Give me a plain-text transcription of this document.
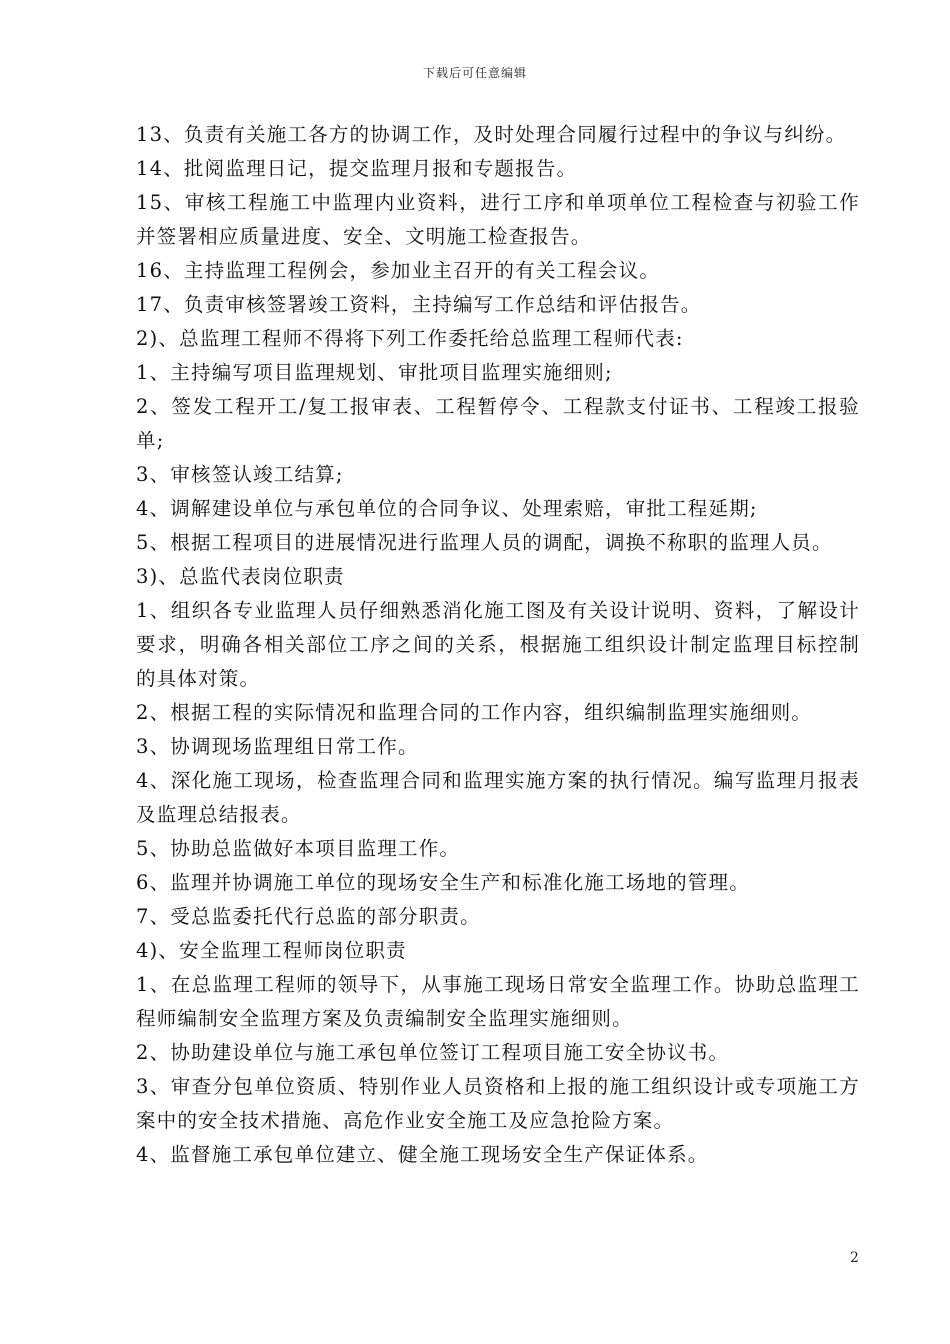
下载后可任意编辑

13、负责有关施工各方的协调工作，及时处理合同履行过程中的争议与纠纷。

14、批阅监理日记，提交监理月报和专题报告。

15、审核工程施工中监理内业资料，进行工序和单项单位工程检查与初验工作并签署相应质量进度、安全、文明施工检查报告。

16、主持监理工程例会，参加业主召开的有关工程会议。

17、负责审核签署竣工资料，主持编写工作总结和评估报告。

2)、总监理工程师不得将下列工作委托给总监理工程师代表:

1、主持编写项目监理规划、审批项目监理实施细则;

2、签发工程开工/复工报审表、工程暂停令、工程款支付证书、工程竣工报验单;

3、审核签认竣工结算;

4、调解建设单位与承包单位的合同争议、处理索赔，审批工程延期;

5、根据工程项目的进展情况进行监理人员的调配，调换不称职的监理人员。

3)、总监代表岗位职责

1、组织各专业监理人员仔细熟悉消化施工图及有关设计说明、资料，了解设计要求，明确各相关部位工序之间的关系，根据施工组织设计制定监理目标控制的具体对策。

2、根据工程的实际情况和监理合同的工作内容，组织编制监理实施细则。

3、协调现场监理组日常工作。

4、深化施工现场，检查监理合同和监理实施方案的执行情况。编写监理月报表及监理总结报表。

5、协助总监做好本项目监理工作。

6、监理并协调施工单位的现场安全生产和标准化施工场地的管理。

7、受总监委托代行总监的部分职责。

4)、安全监理工程师岗位职责

1、在总监理工程师的领导下，从事施工现场日常安全监理工作。协助总监理工程师编制安全监理方案及负责编制安全监理实施细则。

2、协助建设单位与施工承包单位签订工程项目施工安全协议书。

3、审查分包单位资质、特别作业人员资格和上报的施工组织设计或专项施工方案中的安全技术措施、高危作业安全施工及应急抢险方案。

4、监督施工承包单位建立、健全施工现场安全生产保证体系。

2
